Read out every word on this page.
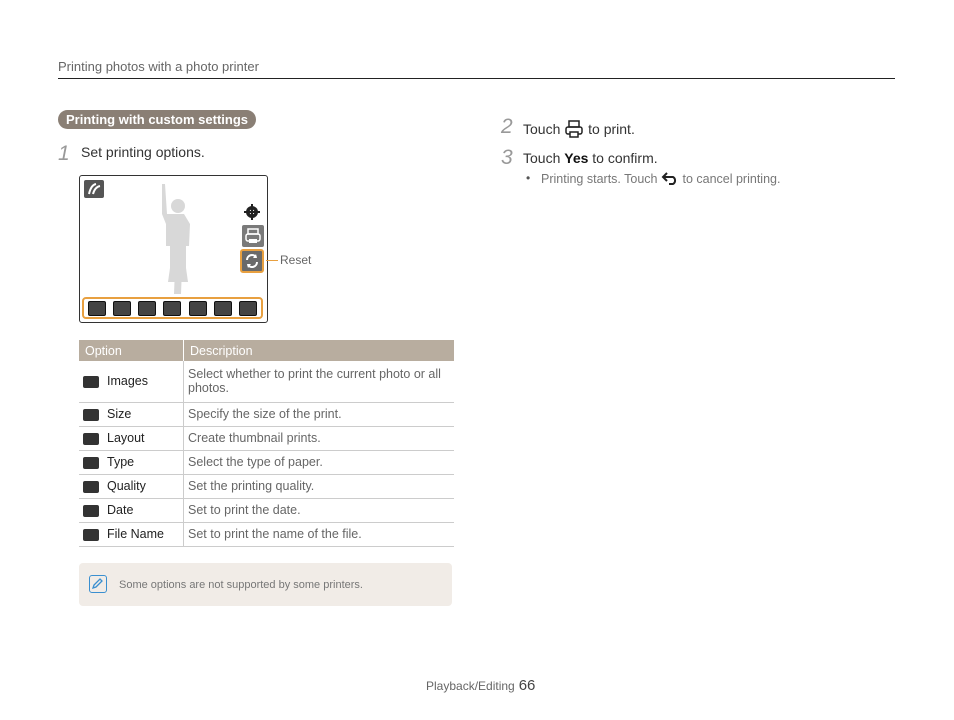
Printing photos with a photo printer
Printing with custom settings
1 Set printing options.
Reset
Option	Description
Images	Select whether to print the current photo or all photos.
Size	Specify the size of the print.
Layout	Create thumbnail prints.
Type	Select the type of paper.
Quality	Set the printing quality.
Date	Set to print the date.
File Name	Set to print the name of the file.
Some options are not supported by some printers.
2 Touch to print.
3 Touch Yes to confirm.
• Printing starts. Touch to cancel printing.
Playback/Editing 66
